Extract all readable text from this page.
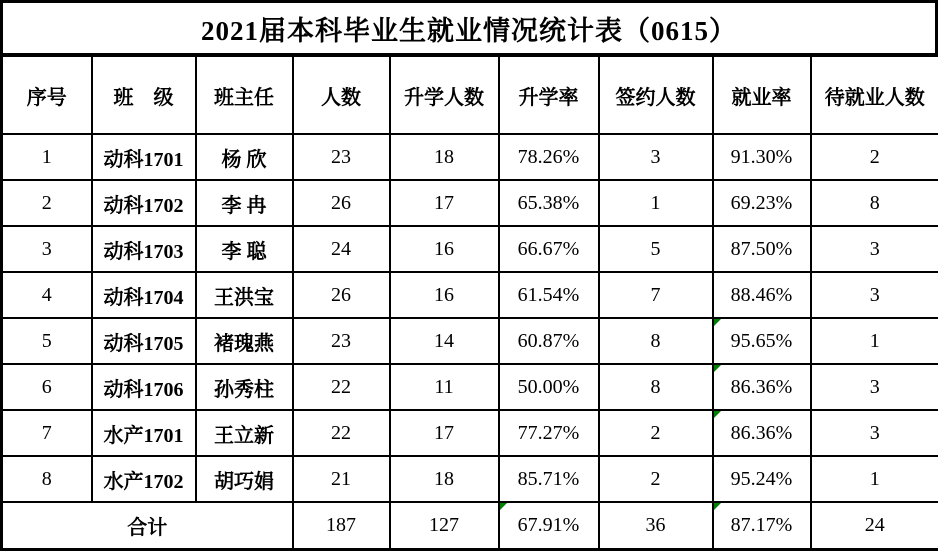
2021届本科毕业生就业情况统计表（0615）
序号	班　级	班主任	人数	升学人数	升学率	签约人数	就业率	待就业人数
1	动科1701	杨 欣	23	18	78.26%	3	91.30%	2
2	动科1702	李 冉	26	17	65.38%	1	69.23%	8
3	动科1703	李 聪	24	16	66.67%	5	87.50%	3
4	动科1704	王洪宝	26	16	61.54%	7	88.46%	3
5	动科1705	褚瑰燕	23	14	60.87%	8	95.65%	1
6	动科1706	孙秀柱	22	11	50.00%	8	86.36%	3
7	水产1701	王立新	22	17	77.27%	2	86.36%	3
8	水产1702	胡巧娟	21	18	85.71%	2	95.24%	1
合计			187	127	67.91%	36	87.17%	24
